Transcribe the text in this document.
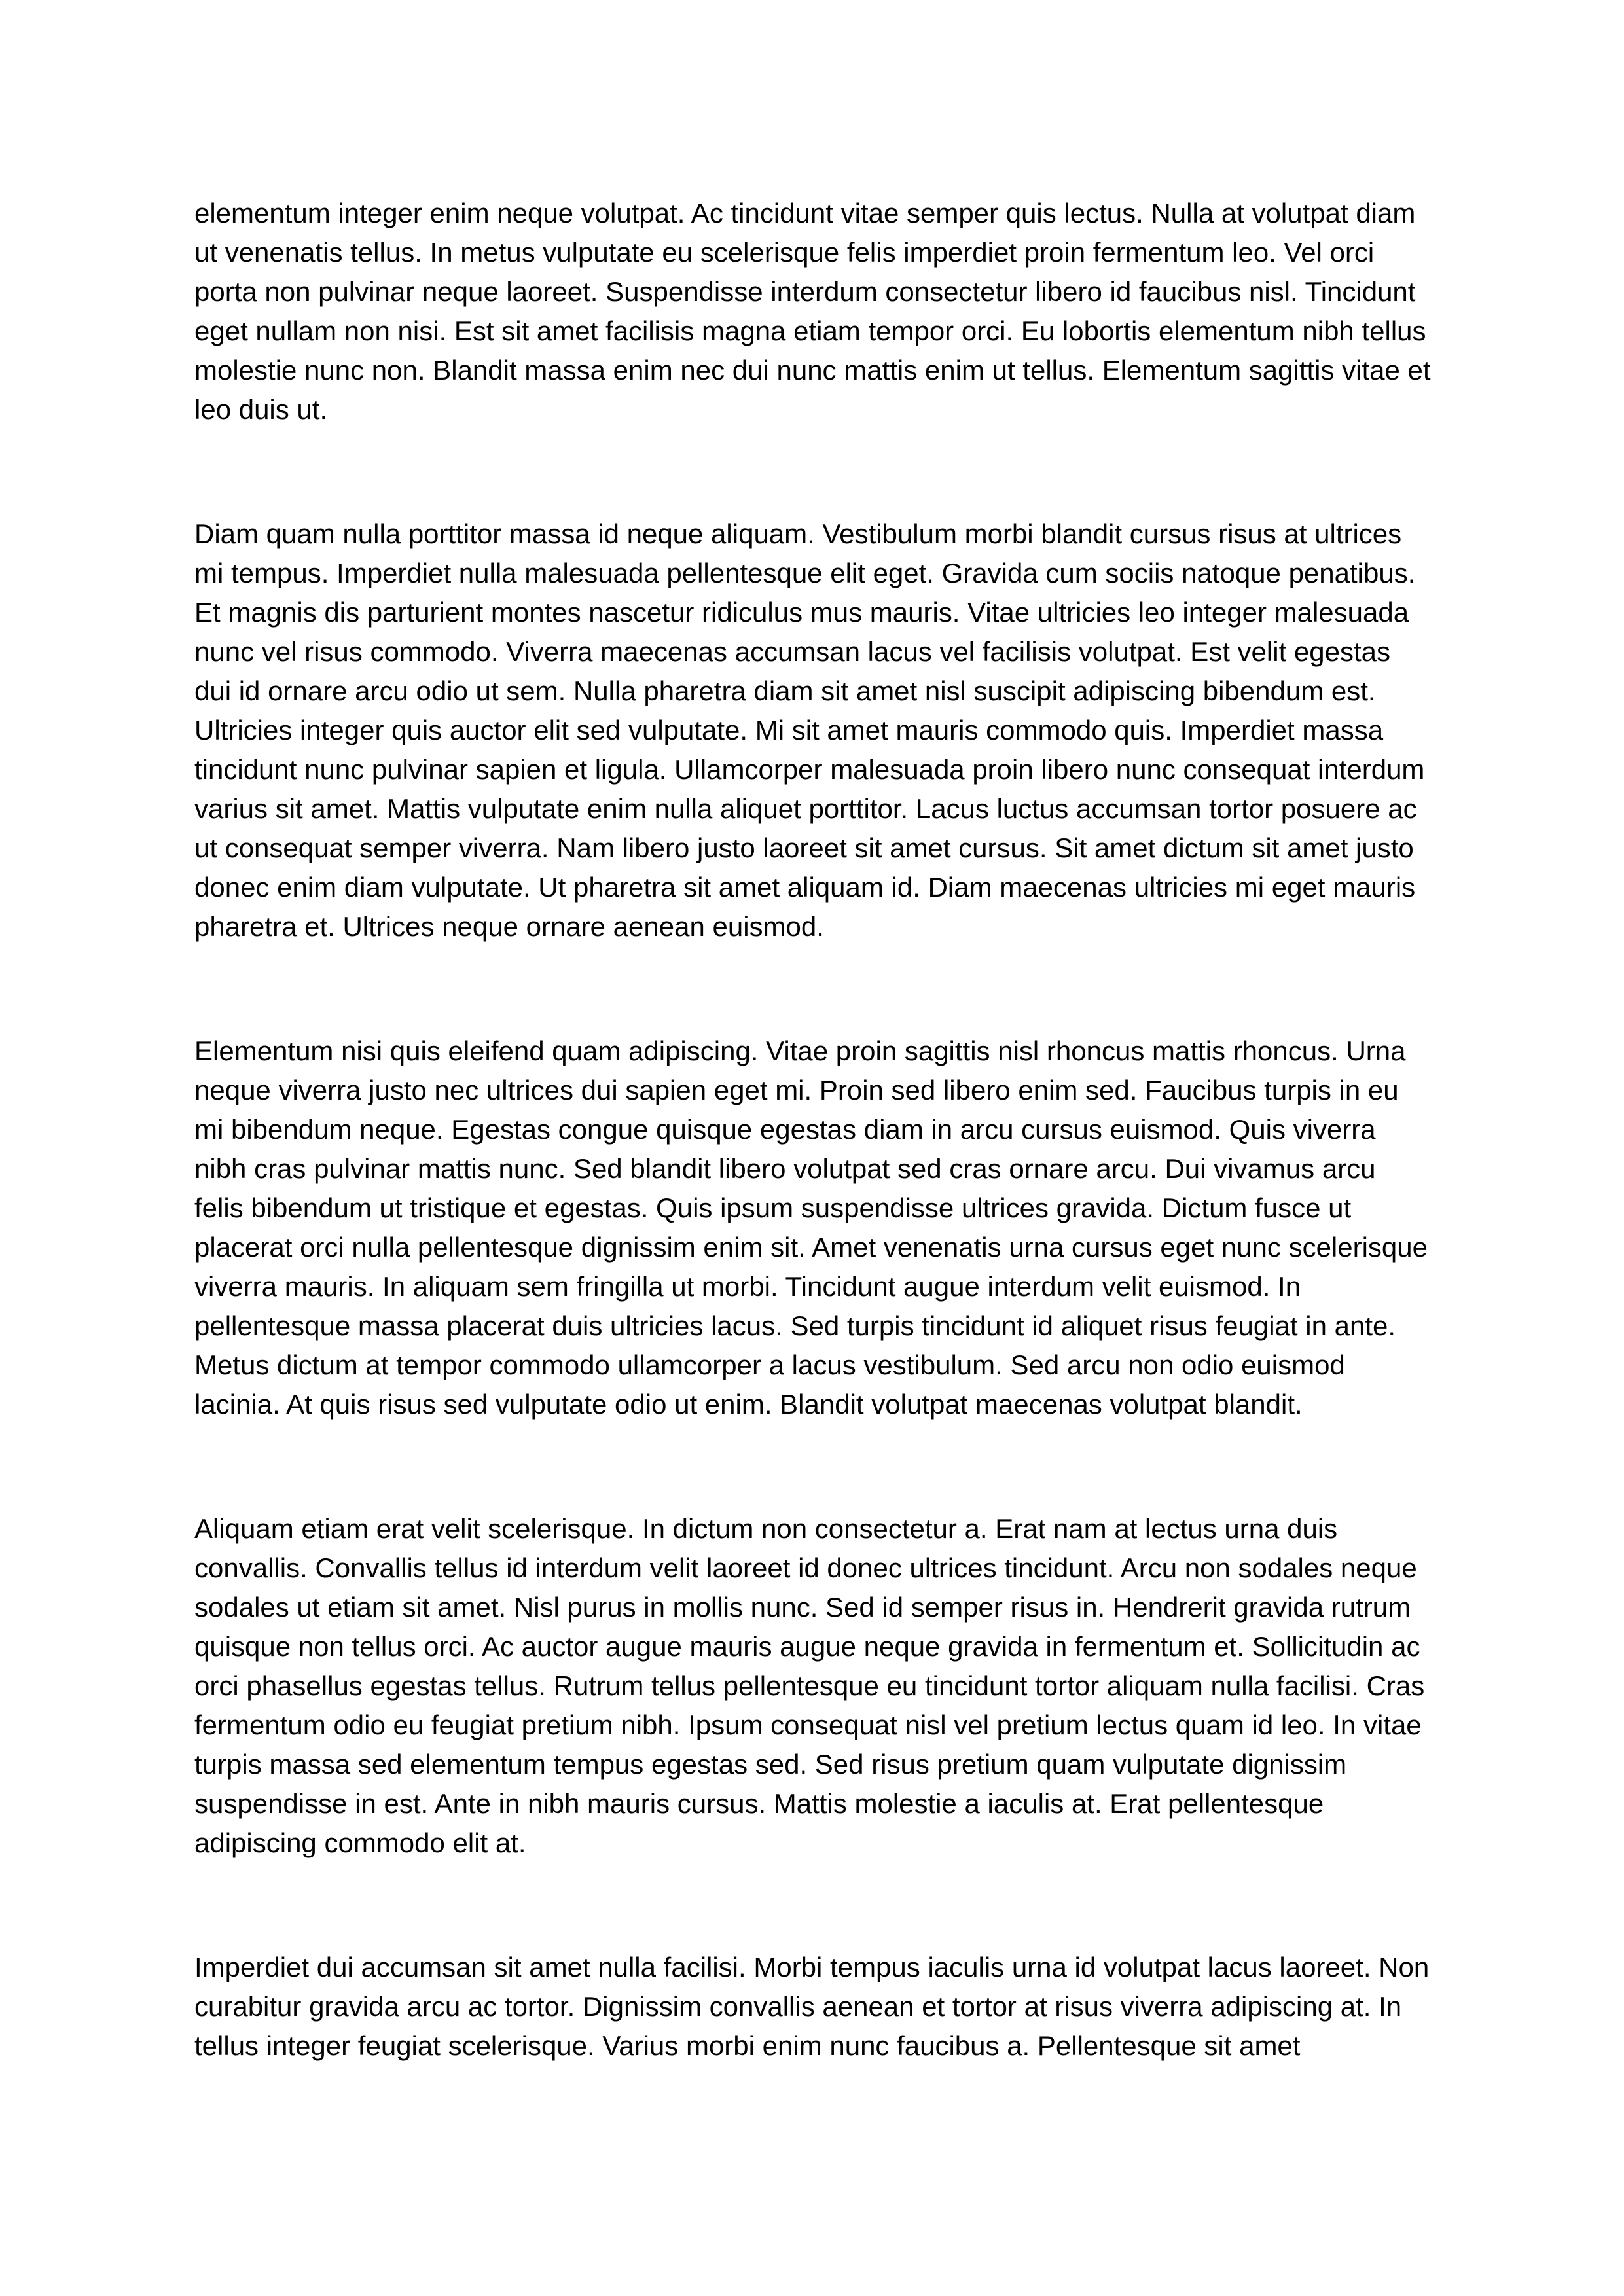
elementum integer enim neque volutpat. Ac tincidunt vitae semper quis lectus. Nulla at volutpat diam ut venenatis tellus. In metus vulputate eu scelerisque felis imperdiet proin fermentum leo. Vel orci porta non pulvinar neque laoreet. Suspendisse interdum consectetur libero id faucibus nisl. Tincidunt eget nullam non nisi. Est sit amet facilisis magna etiam tempor orci. Eu lobortis elementum nibh tellus molestie nunc non. Blandit massa enim nec dui nunc mattis enim ut tellus. Elementum sagittis vitae et leo duis ut.

Diam quam nulla porttitor massa id neque aliquam. Vestibulum morbi blandit cursus risus at ultrices mi tempus. Imperdiet nulla malesuada pellentesque elit eget. Gravida cum sociis natoque penatibus. Et magnis dis parturient montes nascetur ridiculus mus mauris. Vitae ultricies leo integer malesuada nunc vel risus commodo. Viverra maecenas accumsan lacus vel facilisis volutpat. Est velit egestas dui id ornare arcu odio ut sem. Nulla pharetra diam sit amet nisl suscipit adipiscing bibendum est. Ultricies integer quis auctor elit sed vulputate. Mi sit amet mauris commodo quis. Imperdiet massa tincidunt nunc pulvinar sapien et ligula. Ullamcorper malesuada proin libero nunc consequat interdum varius sit amet. Mattis vulputate enim nulla aliquet porttitor. Lacus luctus accumsan tortor posuere ac ut consequat semper viverra. Nam libero justo laoreet sit amet cursus. Sit amet dictum sit amet justo donec enim diam vulputate. Ut pharetra sit amet aliquam id. Diam maecenas ultricies mi eget mauris pharetra et. Ultrices neque ornare aenean euismod.

Elementum nisi quis eleifend quam adipiscing. Vitae proin sagittis nisl rhoncus mattis rhoncus. Urna neque viverra justo nec ultrices dui sapien eget mi. Proin sed libero enim sed. Faucibus turpis in eu mi bibendum neque. Egestas congue quisque egestas diam in arcu cursus euismod. Quis viverra nibh cras pulvinar mattis nunc. Sed blandit libero volutpat sed cras ornare arcu. Dui vivamus arcu felis bibendum ut tristique et egestas. Quis ipsum suspendisse ultrices gravida. Dictum fusce ut placerat orci nulla pellentesque dignissim enim sit. Amet venenatis urna cursus eget nunc scelerisque viverra mauris. In aliquam sem fringilla ut morbi. Tincidunt augue interdum velit euismod. In pellentesque massa placerat duis ultricies lacus. Sed turpis tincidunt id aliquet risus feugiat in ante. Metus dictum at tempor commodo ullamcorper a lacus vestibulum. Sed arcu non odio euismod lacinia. At quis risus sed vulputate odio ut enim. Blandit volutpat maecenas volutpat blandit.

Aliquam etiam erat velit scelerisque. In dictum non consectetur a. Erat nam at lectus urna duis convallis. Convallis tellus id interdum velit laoreet id donec ultrices tincidunt. Arcu non sodales neque sodales ut etiam sit amet. Nisl purus in mollis nunc. Sed id semper risus in. Hendrerit gravida rutrum quisque non tellus orci. Ac auctor augue mauris augue neque gravida in fermentum et. Sollicitudin ac orci phasellus egestas tellus. Rutrum tellus pellentesque eu tincidunt tortor aliquam nulla facilisi. Cras fermentum odio eu feugiat pretium nibh. Ipsum consequat nisl vel pretium lectus quam id leo. In vitae turpis massa sed elementum tempus egestas sed. Sed risus pretium quam vulputate dignissim suspendisse in est. Ante in nibh mauris cursus. Mattis molestie a iaculis at. Erat pellentesque adipiscing commodo elit at.

Imperdiet dui accumsan sit amet nulla facilisi. Morbi tempus iaculis urna id volutpat lacus laoreet. Non curabitur gravida arcu ac tortor. Dignissim convallis aenean et tortor at risus viverra adipiscing at. In tellus integer feugiat scelerisque. Varius morbi enim nunc faucibus a. Pellentesque sit amet
